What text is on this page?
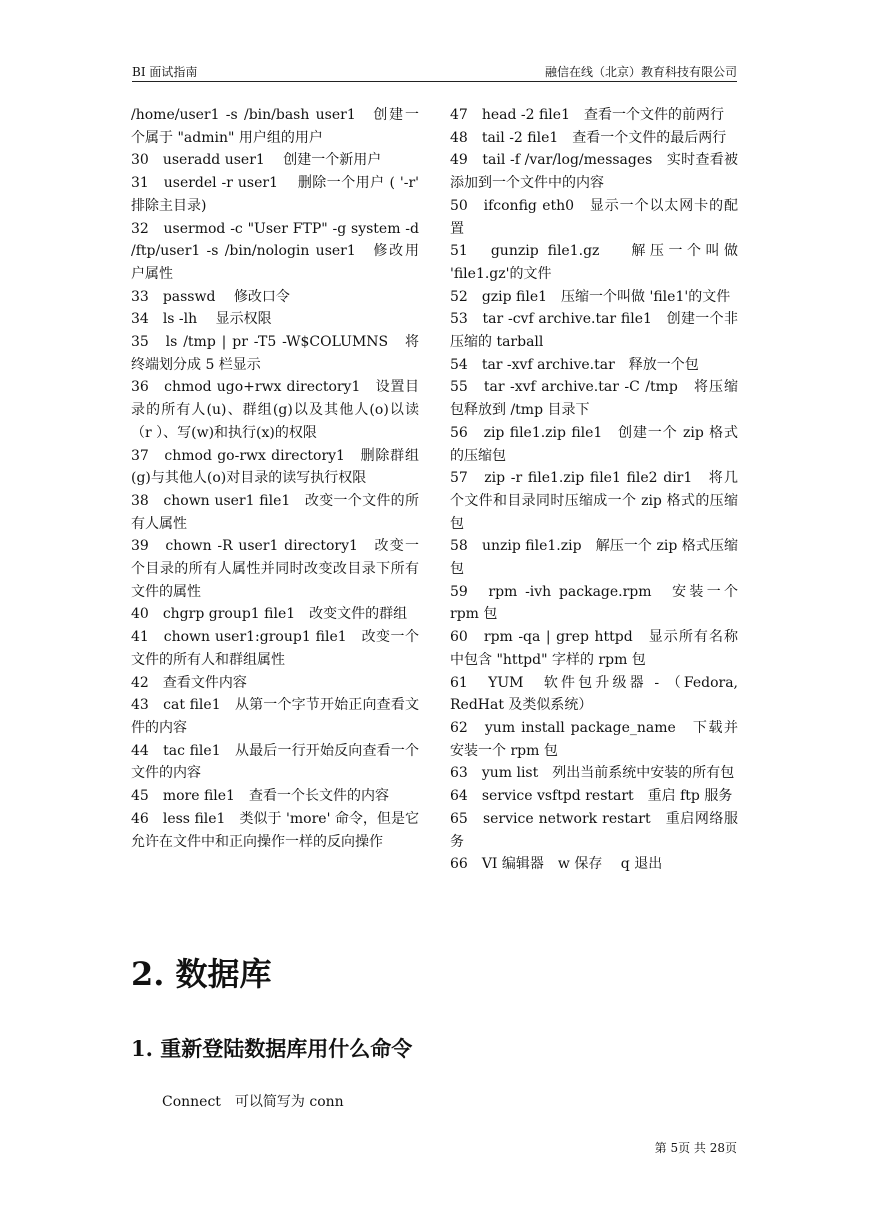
BI 面试指南	融信在线（北京）教育科技有限公司
/home/user1 -s /bin/bash user1　创建一个属于 "admin" 用户组的用户
30　useradd user1　 创建一个新用户
31　userdel -r user1　 删除一个用户 ( '-r' 排除主目录)
32　usermod -c "User FTP" -g system -d /ftp/user1 -s /bin/nologin user1　修改用户属性
33　passwd　 修改口令
34　ls -lh　 显示权限
35　ls /tmp | pr -T5 -W$COLUMNS　将终端划分成 5 栏显示
36　chmod ugo+rwx directory1　设置目录的所有人(u)、群组(g)以及其他人(o)以读（r ）、写(w)和执行(x)的权限
37　chmod go-rwx directory1　删除群组(g)与其他人(o)对目录的读写执行权限
38　chown user1 file1　改变一个文件的所有人属性
39　chown -R user1 directory1　改变一个目录的所有人属性并同时改变改目录下所有文件的属性
40　chgrp group1 file1　改变文件的群组
41　chown user1:group1 file1　改变一个文件的所有人和群组属性
42　查看文件内容
43　cat file1　从第一个字节开始正向查看文件的内容
44　tac file1　从最后一行开始反向查看一个文件的内容
45　more file1　查看一个长文件的内容
46　less file1　类似于 'more' 命令，但是它允许在文件中和正向操作一样的反向操作
47　head -2 file1　查看一个文件的前两行
48　tail -2 file1　查看一个文件的最后两行
49　tail -f /var/log/messages　实时查看被添加到一个文件中的内容
50　ifconfig eth0　显示一个以太网卡的配置
51　gunzip file1.gz　 解压一个叫做 'file1.gz'的文件
52　gzip file1　压缩一个叫做 'file1'的文件
53　tar -cvf archive.tar file1　创建一个非压缩的 tarball
54　tar -xvf archive.tar　释放一个包
55　tar -xvf archive.tar -C /tmp　将压缩包释放到 /tmp 目录下
56　zip file1.zip file1　创建一个 zip 格式的压缩包
57　zip -r file1.zip file1 file2 dir1　将几个文件和目录同时压缩成一个 zip 格式的压缩包
58　unzip file1.zip　解压一个 zip 格式压缩包
59　rpm -ivh package.rpm　安装一个 rpm 包
60　rpm -qa | grep httpd　显示所有名称中包含 "httpd" 字样的 rpm 包
61　YUM　软件包升级器 - （Fedora, RedHat 及类似系统）
62　yum install package_name　下载并安装一个 rpm 包
63　yum list　列出当前系统中安装的所有包
64　service vsftpd restart　重启 ftp 服务
65　service network restart　重启网络服务
66　VI 编辑器　w 保存　 q 退出
2. 数据库
1. 重新登陆数据库用什么命令
Connect　可以简写为 conn
第 5页 共 28页
